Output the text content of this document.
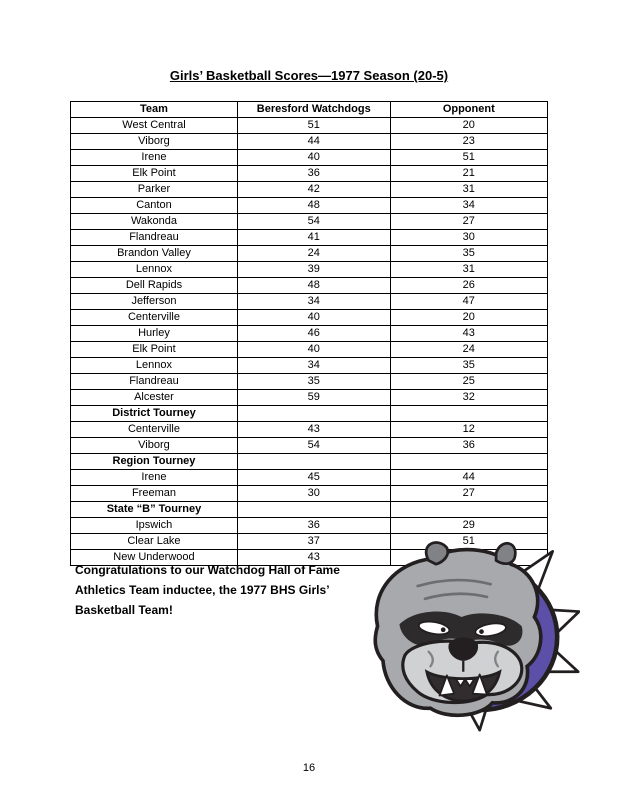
Girls’ Basketball Scores—1977 Season (20-5)
Team	Beresford Watchdogs	Opponent
West Central	51	20
Viborg	44	23
Irene	40	51
Elk Point	36	21
Parker	42	31
Canton	48	34
Wakonda	54	27
Flandreau	41	30
Brandon Valley	24	35
Lennox	39	31
Dell Rapids	48	26
Jefferson	34	47
Centerville	40	20
Hurley	46	43
Elk Point	40	24
Lennox	34	35
Flandreau	35	25
Alcester	59	32
District Tourney		
Centerville	43	12
Viborg	54	36
Region Tourney		
Irene	45	44
Freeman	30	27
State “B” Tourney		
Ipswich	36	29
Clear Lake	37	51
New Underwood	43	
Congratulations to our Watchdog Hall of Fame Athletics Team inductee, the 1977 BHS Girls’ Basketball Team!
16
